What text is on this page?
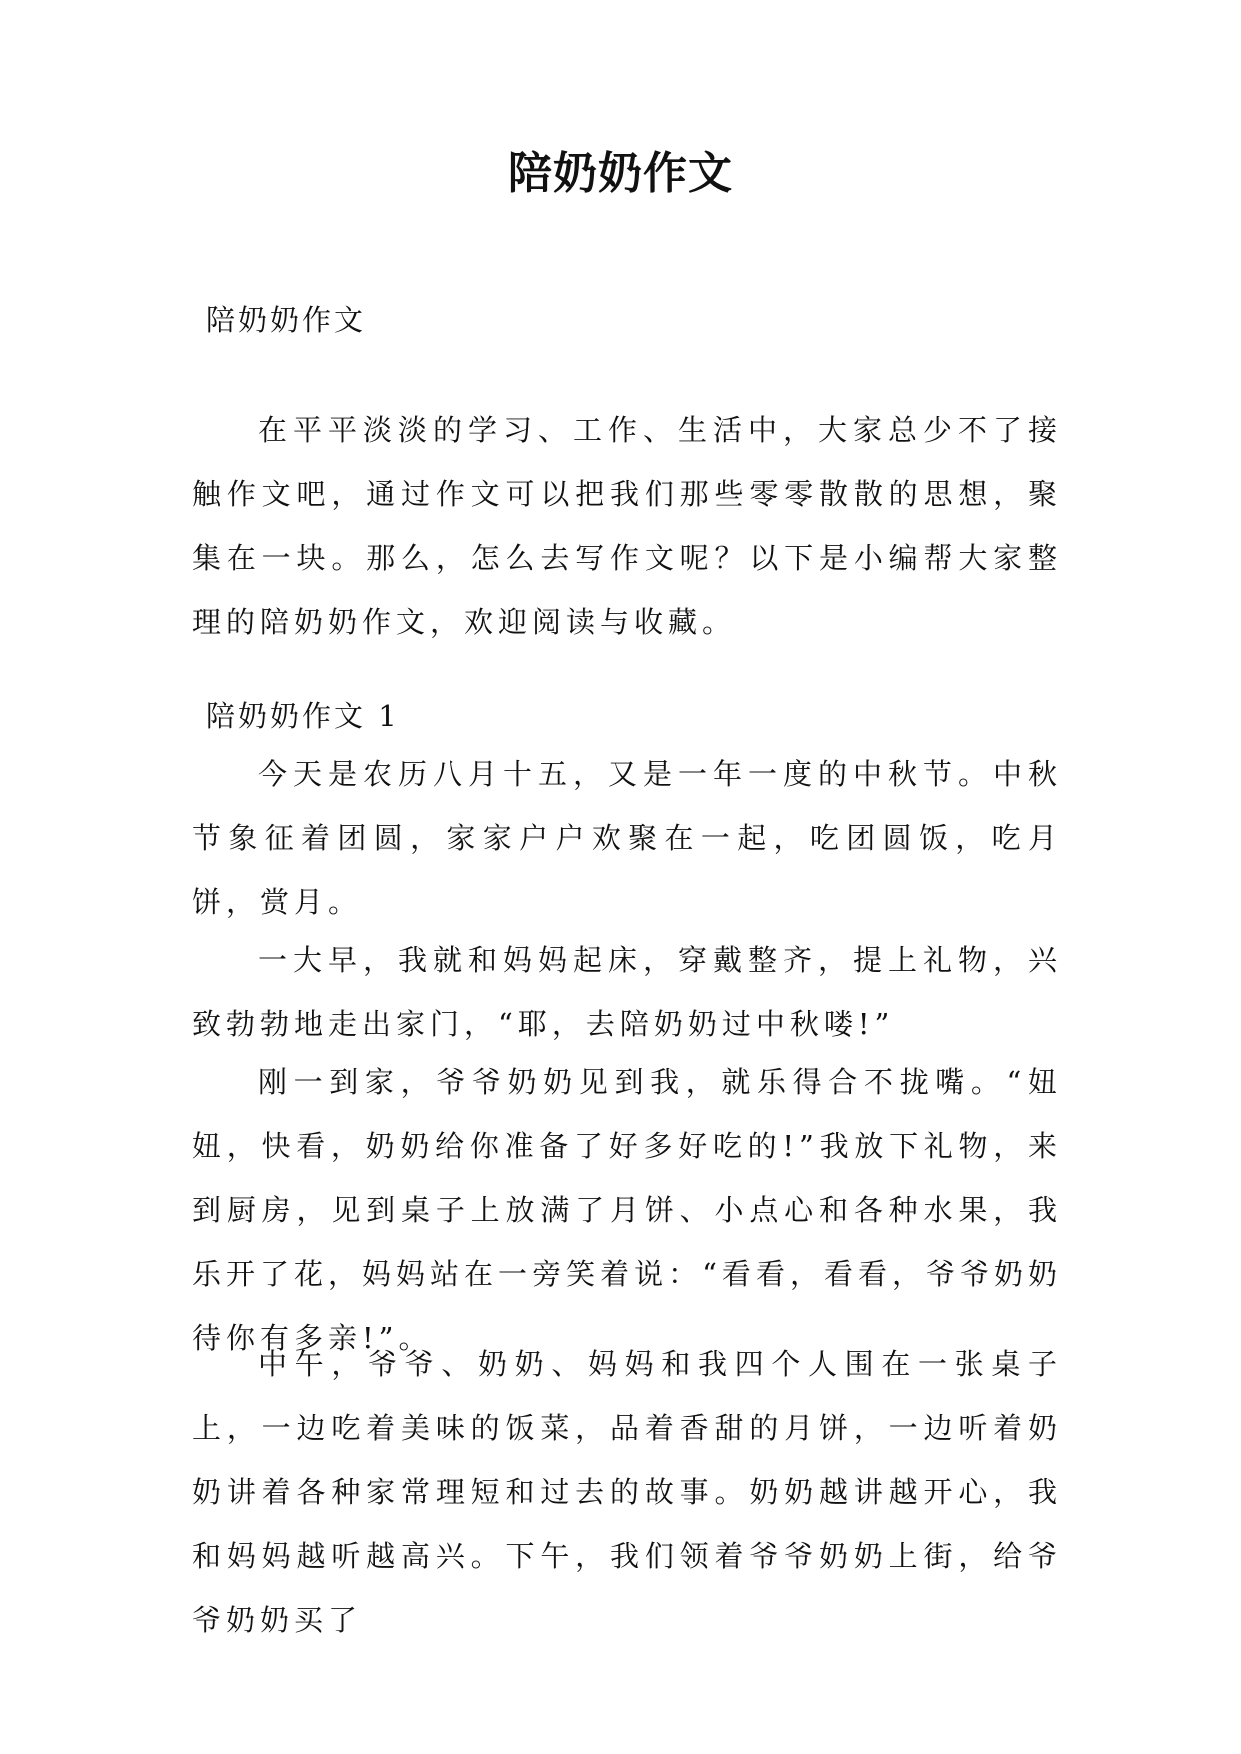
陪奶奶作文

陪奶奶作文

在平平淡淡的学习、工作、生活中，大家总少不了接触作文吧，通过作文可以把我们那些零零散散的思想，聚集在一块。那么，怎么去写作文呢？以下是小编帮大家整理的陪奶奶作文，欢迎阅读与收藏。

陪奶奶作文 1

今天是农历八月十五，又是一年一度的中秋节。中秋节象征着团圆，家家户户欢聚在一起，吃团圆饭，吃月饼，赏月。

一大早，我就和妈妈起床，穿戴整齐，提上礼物，兴致勃勃地走出家门，“耶，去陪奶奶过中秋喽!”

刚一到家，爷爷奶奶见到我，就乐得合不拢嘴。“妞妞，快看，奶奶给你准备了好多好吃的!”我放下礼物，来到厨房，见到桌子上放满了月饼、小点心和各种水果，我乐开了花，妈妈站在一旁笑着说：“看看，看看，爷爷奶奶待你有多亲!”。

中午，爷爷、奶奶、妈妈和我四个人围在一张桌子上，一边吃着美味的饭菜，品着香甜的月饼，一边听着奶奶讲着各种家常理短和过去的故事。奶奶越讲越开心，我和妈妈越听越高兴。下午，我们领着爷爷奶奶上街，给爷爷奶奶买了
